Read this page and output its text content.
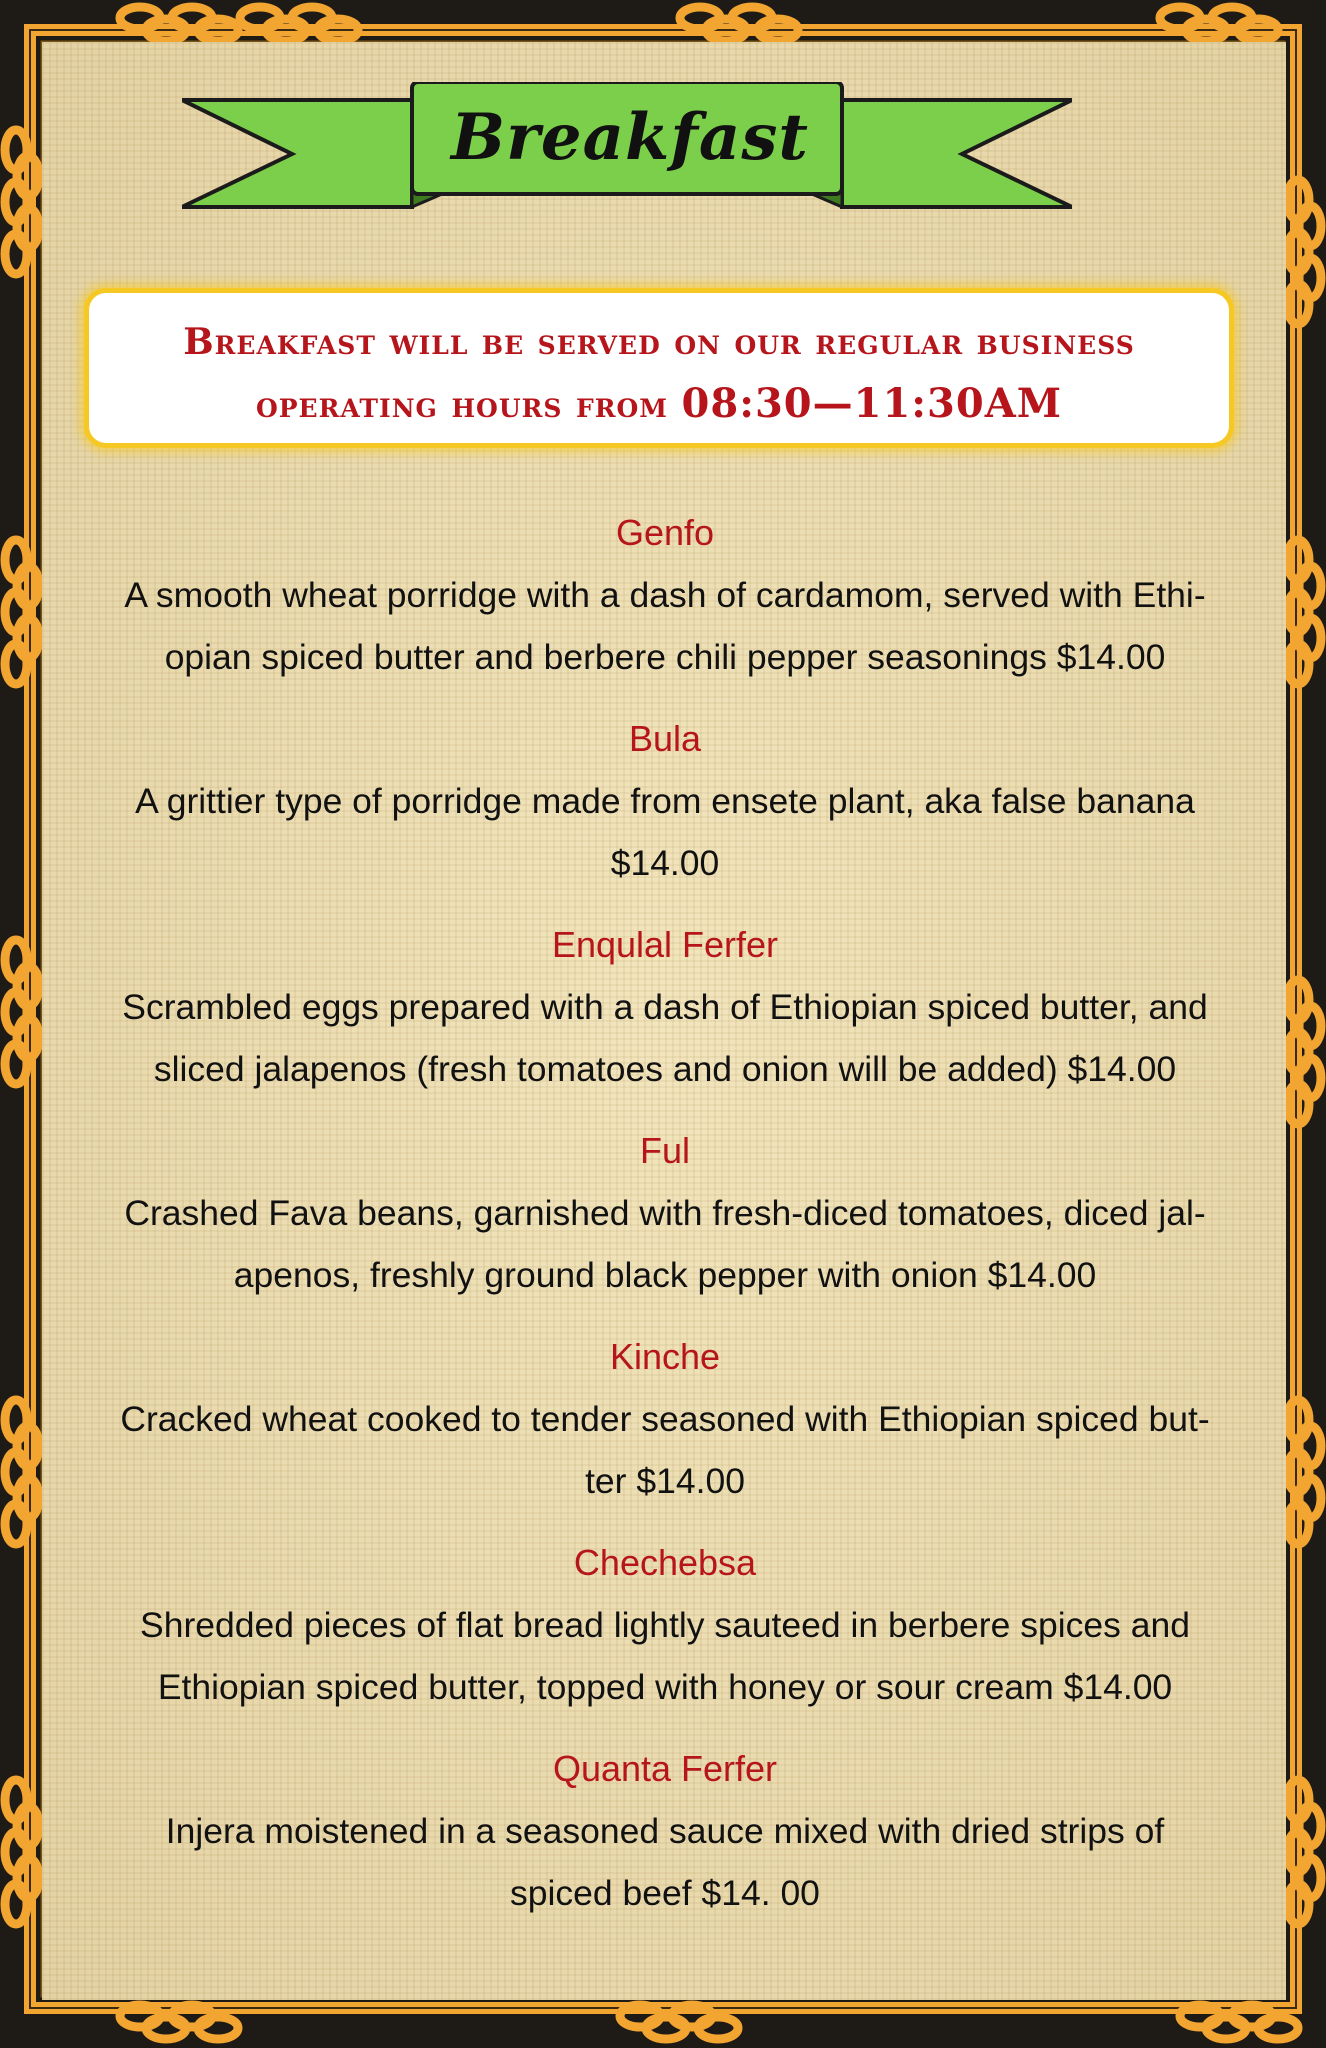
Breakfast
Breakfast will be served on our regular business
operating hours from 08:30—11:30AM
Genfo
A smooth wheat porridge with a dash of cardamom, served with Ethi-
opian spiced butter and berbere chili pepper seasonings $14.00
Bula
A grittier type of porridge made from ensete plant, aka false banana
$14.00
Enqulal Ferfer
Scrambled eggs prepared with a dash of Ethiopian spiced butter, and
sliced jalapenos (fresh tomatoes and onion will be added) $14.00
Ful
Crashed Fava beans, garnished with fresh-diced tomatoes, diced jal-
apenos, freshly ground black pepper with onion $14.00
Kinche
Cracked wheat cooked to tender seasoned with Ethiopian spiced but-
ter $14.00
Chechebsa
Shredded pieces of flat bread lightly sauteed in berbere spices and
Ethiopian spiced butter, topped with honey or sour cream $14.00
Quanta Ferfer
Injera moistened in a seasoned sauce mixed with dried strips of
spiced beef $14. 00
